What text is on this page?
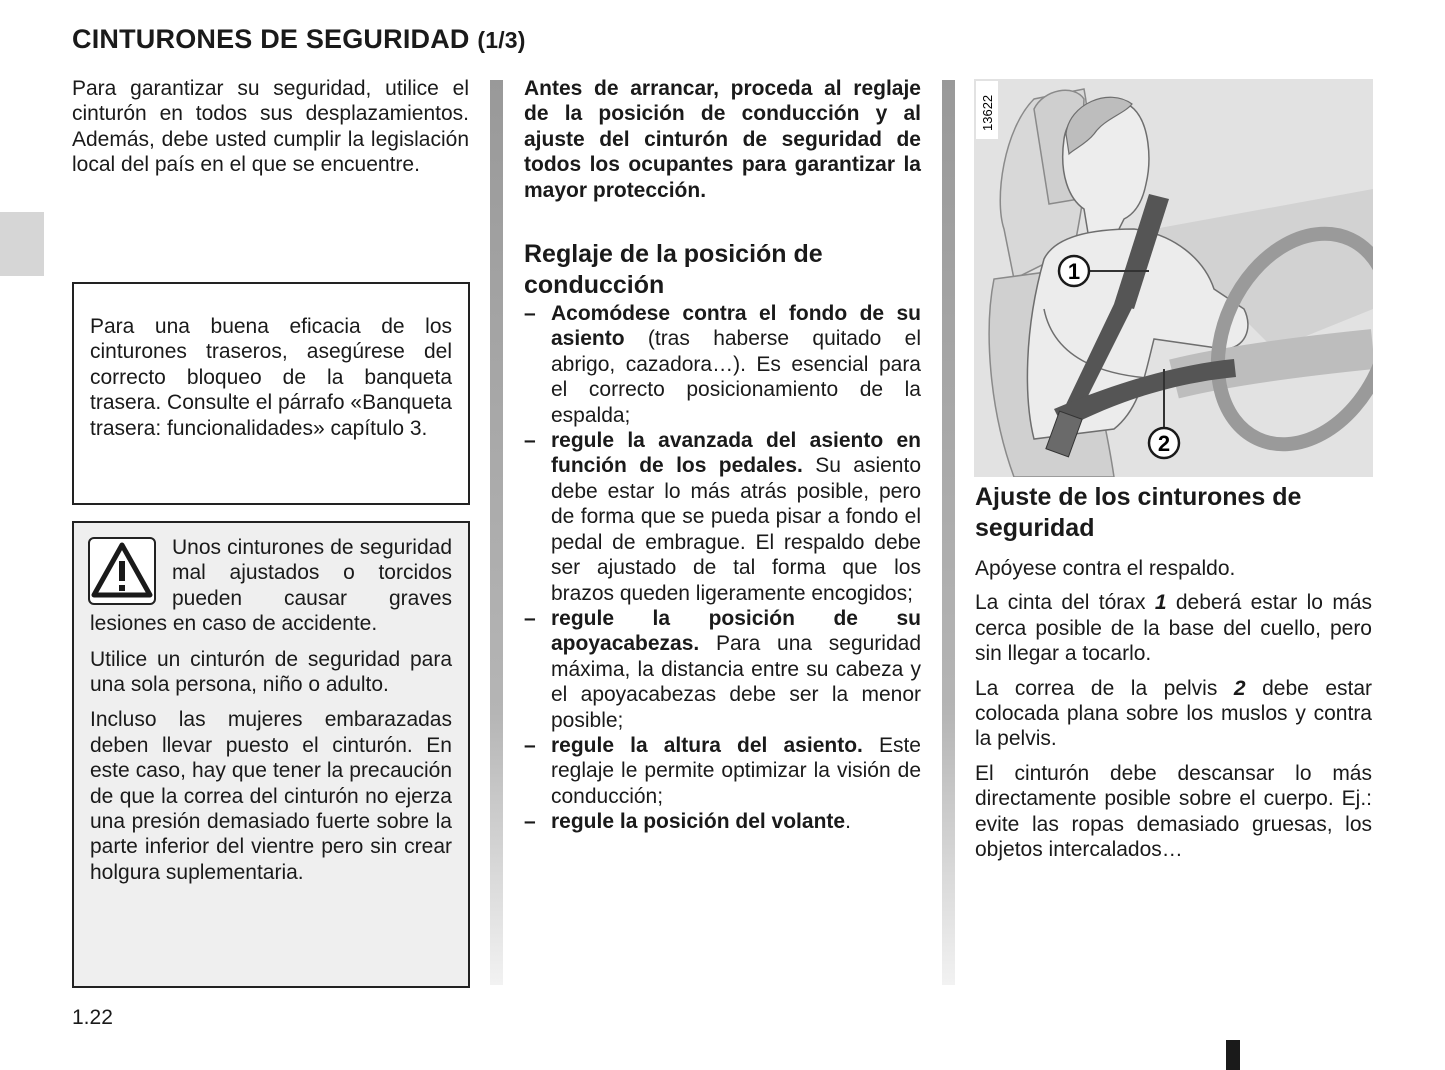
CINTURONES DE SEGURIDAD (1/3)

Para garantizar su seguridad, utilice el cinturón en todos sus desplazamientos. Además, debe usted cumplir la legislación local del país en el que se encuentre.

Para una buena eficacia de los cinturones traseros, asegúrese del correcto bloqueo de la banqueta trasera. Consulte el párrafo «Banqueta trasera: funcionalidades» capítulo 3.

Unos cinturones de seguridad mal ajustados o torcidos pueden causar graves lesiones en caso de accidente.

Utilice un cinturón de seguridad para una sola persona, niño o adulto.

Incluso las mujeres embarazadas deben llevar puesto el cinturón. En este caso, hay que tener la precaución de que la correa del cinturón no ejerza una presión demasiado fuerte sobre la parte inferior del vientre pero sin crear holgura suplementaria.

Antes de arrancar, proceda al reglaje de la posición de conducción y al ajuste del cinturón de seguridad de todos los ocupantes para garantizar la mayor protección.

Reglaje de la posición de conducción
– Acomódese contra el fondo de su asiento (tras haberse quitado el abrigo, cazadora…). Es esencial para el correcto posicionamiento de la espalda;
– regule la avanzada del asiento en función de los pedales. Su asiento debe estar lo más atrás posible, pero de forma que se pueda pisar a fondo el pedal de embrague. El respaldo debe ser ajustado de tal forma que los brazos queden ligeramente encogidos;
– regule la posición de su apoyacabezas. Para una seguridad máxima, la distancia entre su cabeza y el apoyacabezas debe ser la menor posible;
– regule la altura del asiento. Este reglaje le permite optimizar la visión de conducción;
– regule la posición del volante.
1
2
13622
Ajuste de los cinturones de seguridad

Apóyese contra el respaldo.

La cinta del tórax 1 deberá estar lo más cerca posible de la base del cuello, pero sin llegar a tocarlo.

La correa de la pelvis 2 debe estar colocada plana sobre los muslos y contra la pelvis.

El cinturón debe descansar lo más directamente posible sobre el cuerpo. Ej.: evite las ropas demasiado gruesas, los objetos intercalados…

1.22
